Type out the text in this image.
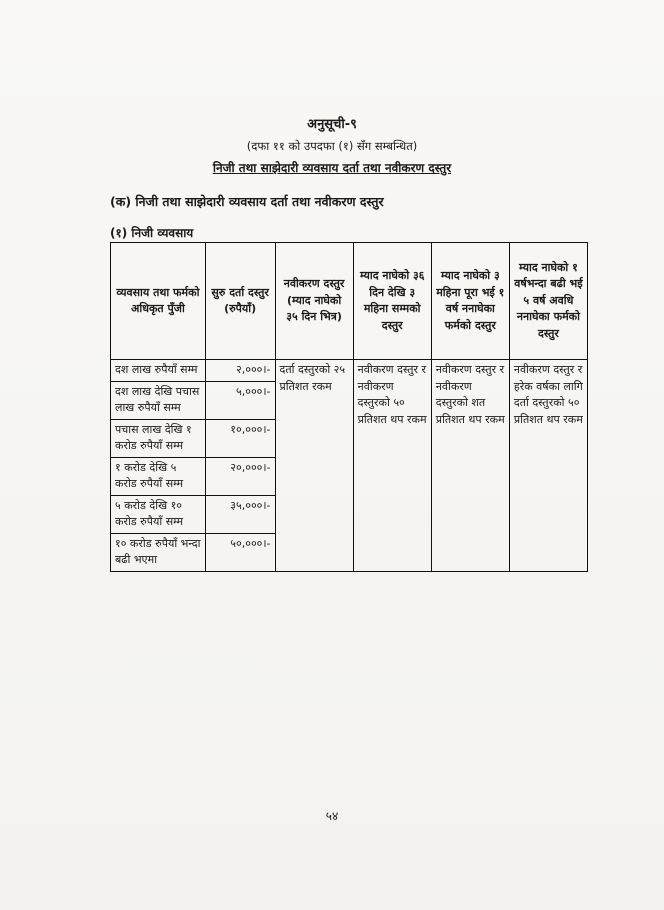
अनुसूची-९
(दफा ११ को उपदफा (१) सँग सम्बन्धित)
निजी तथा साझेदारी व्यवसाय दर्ता तथा नवीकरण दस्तुर
(क) निजी तथा साझेदारी व्यवसाय दर्ता तथा नवीकरण दस्तुर
(१) निजी व्यवसाय
व्यवसाय तथा फर्मको अधिकृत पुँजी	सुरु दर्ता दस्तुर (रुपैयाँ)	नवीकरण दस्तुर (म्याद नाघेको ३५ दिन भित्र)	म्याद नाघेको ३६ दिन देखि ३ महिना सम्मको दस्तुर	म्याद नाघेको ३ महिना पूरा भई १ वर्ष ननाघेका फर्मको दस्तुर	म्याद नाघेको १ वर्षभन्दा बढी भई ५ वर्ष अवधि ननाघेका फर्मको दस्तुर
दश लाख रुपैयाँ सम्म	२,०००।-	दर्ता दस्तुरको २५ प्रतिशत रकम	नवीकरण दस्तुर र नवीकरण दस्तुरको ५० प्रतिशत थप रकम	नवीकरण दस्तुर र नवीकरण दस्तुरको शत प्रतिशत थप रकम	नवीकरण दस्तुर र हरेक वर्षका लागि दर्ता दस्तुरको ५० प्रतिशत थप रकम
दश लाख देखि पचास लाख रुपैयाँ सम्म	५,०००।-				
पचास लाख देखि १ करोड रुपैयाँ सम्म	१०,०००।-				
१ करोड देखि ५ करोड रुपैयाँ सम्म	२०,०००।-				
५ करोड देखि १० करोड रुपैयाँ सम्म	३५,०००।-				
१० करोड रुपैयाँ भन्दा बढी भएमा	५०,०००।-				
५४
